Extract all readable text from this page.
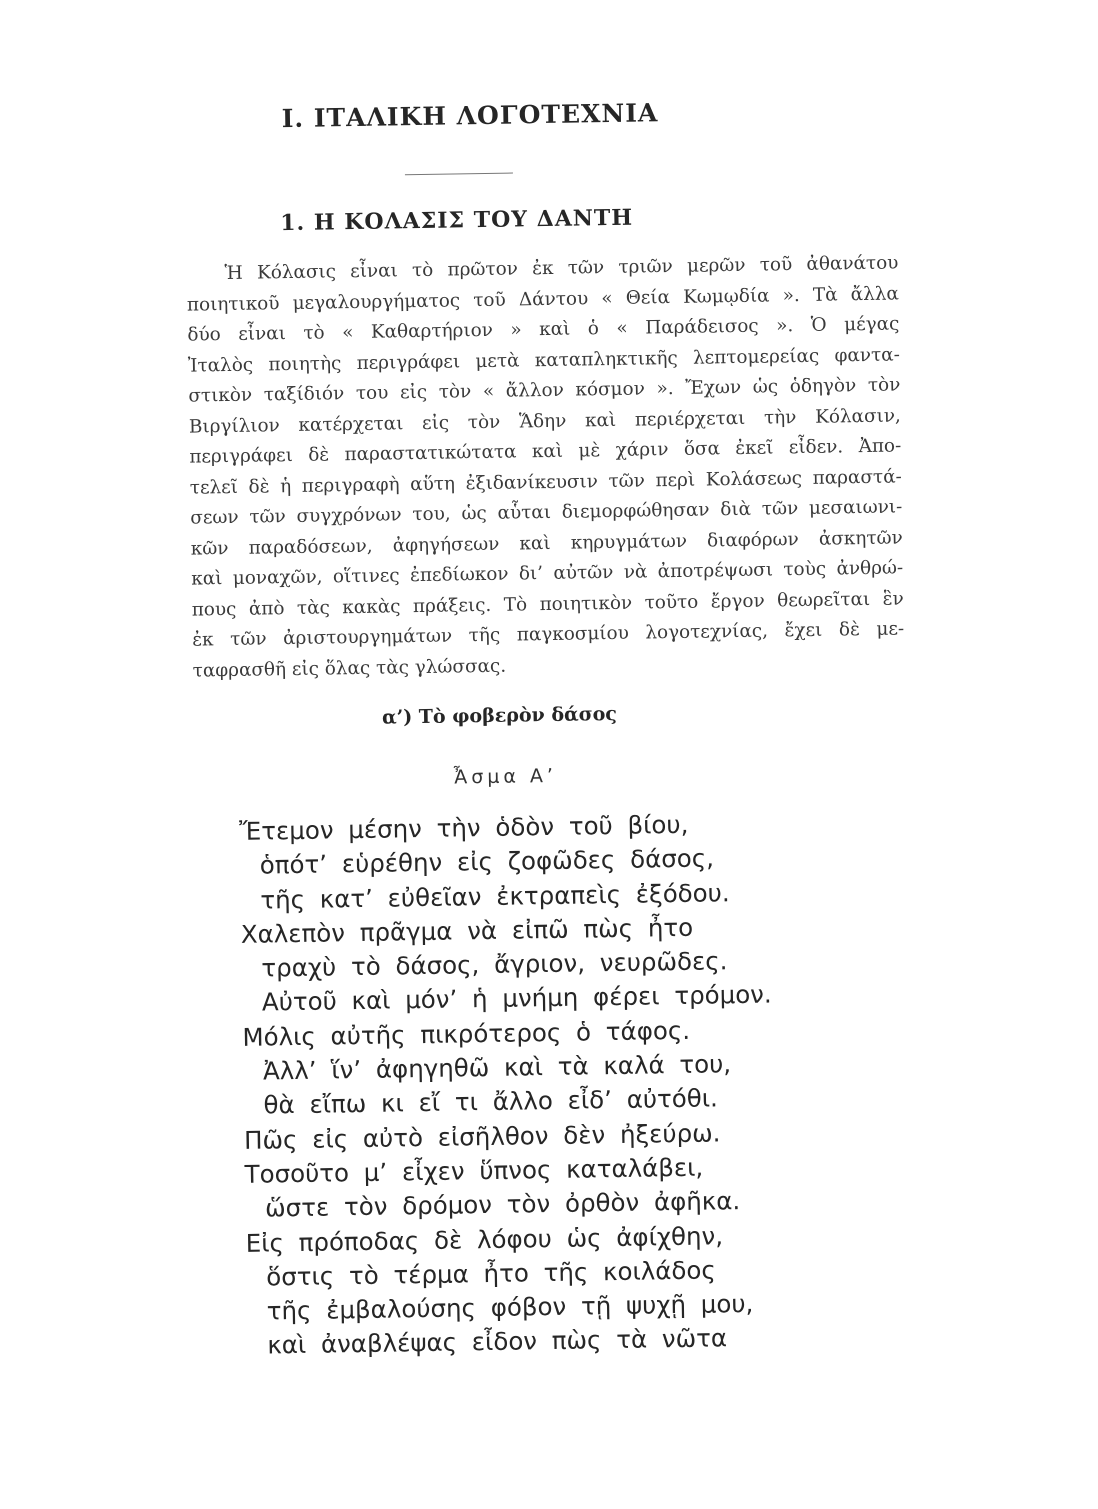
I. ΙΤΑΛΙΚΗ ΛΟΓΟΤΕΧΝΙΑ
1. Η ΚΟΛΑΣΙΣ ΤΟΥ ΔΑΝΤΗ
Ἡ Κόλασις εἶναι τὸ πρῶτον ἐκ τῶν τριῶν μερῶν τοῦ ἀθανάτου
ποιητικοῦ μεγαλουργήματος τοῦ Δάντου « Θεία Κωμῳδία ». Τὰ ἄλλα
δύο εἶναι τὸ « Καθαρτήριον » καὶ ὁ « Παράδεισος ». Ὁ μέγας
Ἰταλὸς ποιητὴς περιγράφει μετὰ καταπληκτικῆς λεπτομερείας φαντα-
στικὸν ταξίδιόν του εἰς τὸν « ἄλλον κόσμον ». Ἔχων ὡς ὁδηγὸν τὸν
Βιργίλιον κατέρχεται εἰς τὸν Ἅδην καὶ περιέρχεται τὴν Κόλασιν,
περιγράφει δὲ παραστατικώτατα καὶ μὲ χάριν ὅσα ἐκεῖ εἶδεν. Ἀπο-
τελεῖ δὲ ἡ περιγραφὴ αὕτη ἐξιδανίκευσιν τῶν περὶ Κολάσεως παραστά-
σεων τῶν συγχρόνων του, ὡς αὗται διεμορφώθησαν διὰ τῶν μεσαιωνι-
κῶν παραδόσεων, ἀφηγήσεων καὶ κηρυγμάτων διαφόρων ἀσκητῶν
καὶ μοναχῶν, οἵτινες ἐπεδίωκον δι’ αὐτῶν νὰ ἀποτρέψωσι τοὺς ἀνθρώ-
πους ἀπὸ τὰς κακὰς πράξεις. Τὸ ποιητικὸν τοῦτο ἔργον θεωρεῖται ἓν
ἐκ τῶν ἀριστουργημάτων τῆς παγκοσμίου λογοτεχνίας, ἔχει δὲ με-
ταφρασθῆ εἰς ὅλας τὰς γλώσσας.
α’) Τὸ φοβερὸν δάσος
Ἆσμα Α’
Ἔτεμον μέσην τὴν ὁδὸν τοῦ βίου,
ὁπότ’ εὑρέθην εἰς ζοφῶδες δάσος,
τῆς κατ’ εὐθεῖαν ἐκτραπεὶς ἐξόδου.
Χαλεπὸν πρᾶγμα νὰ εἰπῶ πὼς ἦτο
τραχὺ τὸ δάσος, ἄγριον, νευρῶδες.
Αὐτοῦ καὶ μόν’ ἡ μνήμη φέρει τρόμον.
Μόλις αὐτῆς πικρότερος ὁ τάφος.
Ἀλλ’ ἵν’ ἀφηγηθῶ καὶ τὰ καλά του,
θὰ εἴπω κι εἴ τι ἄλλο εἶδ’ αὐτόθι.
Πῶς εἰς αὐτὸ εἰσῆλθον δὲν ἠξεύρω.
Τοσοῦτο μ’ εἶχεν ὕπνος καταλάβει,
ὥστε τὸν δρόμον τὸν ὀρθὸν ἀφῆκα.
Εἰς πρόποδας δὲ λόφου ὡς ἀφίχθην,
ὅστις τὸ τέρμα ἦτο τῆς κοιλάδος
τῆς ἐμβαλούσης φόβον τῇ ψυχῇ μου,
καὶ ἀναβλέψας εἶδον πὼς τὰ νῶτα
